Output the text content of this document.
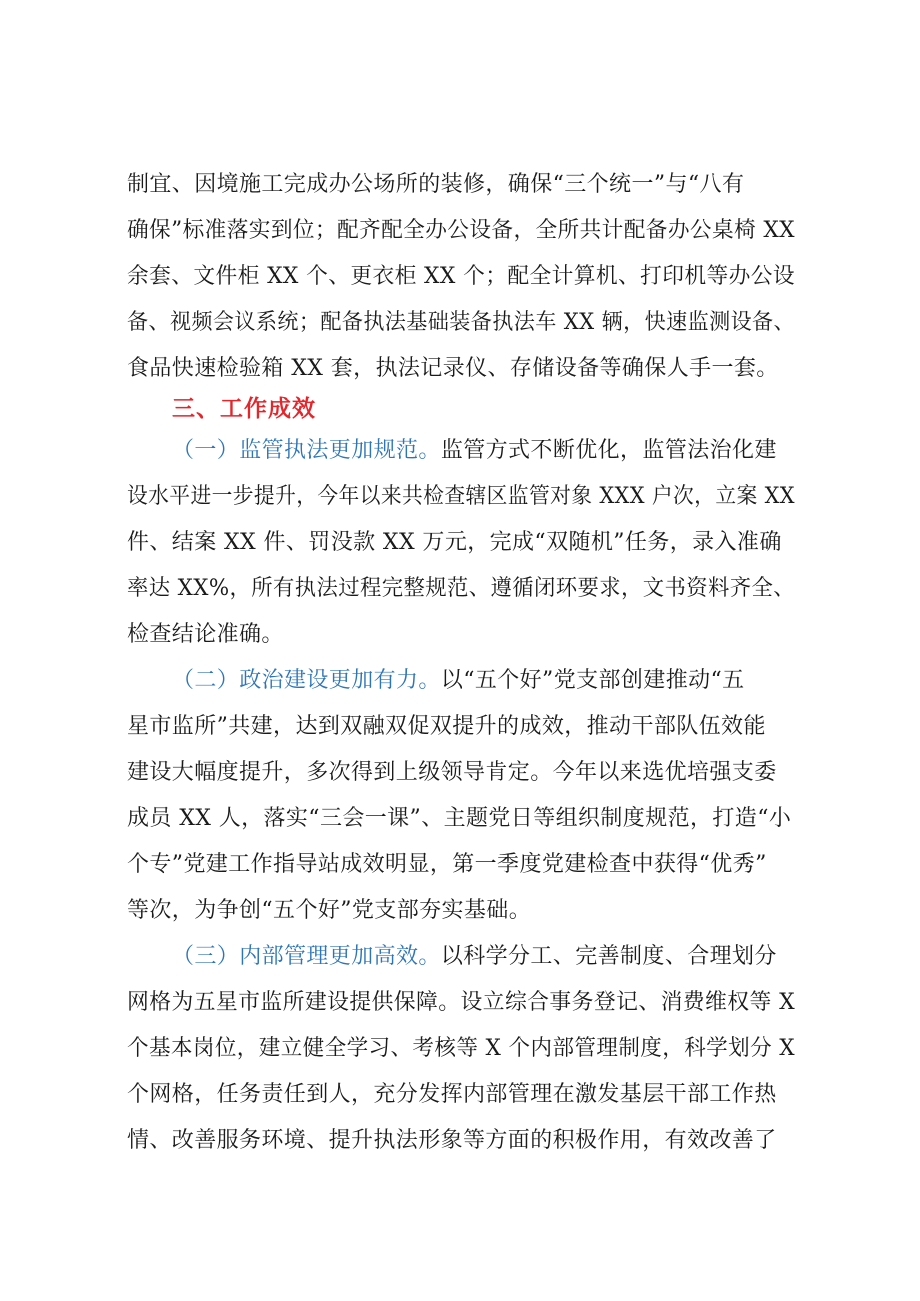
制宜、因境施工完成办公场所的装修，确保“三个统一”与“八有
确保”标准落实到位；配齐配全办公设备，全所共计配备办公桌椅 XX
余套、文件柜 XX 个、更衣柜 XX 个；配全计算机、打印机等办公设
备、视频会议系统；配备执法基础装备执法车 XX 辆，快速监测设备、
食品快速检验箱 XX 套，执法记录仪、存储设备等确保人手一套。
三、工作成效
（一）监管执法更加规范。监管方式不断优化，监管法治化建
设水平进一步提升，今年以来共检查辖区监管对象 XXX 户次，立案 XX
件、结案 XX 件、罚没款 XX 万元，完成“双随机”任务，录入准确
率达 XX%，所有执法过程完整规范、遵循闭环要求，文书资料齐全、
检查结论准确。
（二）政治建设更加有力。以“五个好”党支部创建推动“五
星市监所”共建，达到双融双促双提升的成效，推动干部队伍效能
建设大幅度提升，多次得到上级领导肯定。今年以来选优培强支委
成员 XX 人，落实“三会一课”、主题党日等组织制度规范，打造“小
个专”党建工作指导站成效明显，第一季度党建检查中获得“优秀”
等次，为争创“五个好”党支部夯实基础。
（三）内部管理更加高效。以科学分工、完善制度、合理划分
网格为五星市监所建设提供保障。设立综合事务登记、消费维权等 X
个基本岗位，建立健全学习、考核等 X 个内部管理制度，科学划分 X
个网格，任务责任到人，充分发挥内部管理在激发基层干部工作热
情、改善服务环境、提升执法形象等方面的积极作用，有效改善了
